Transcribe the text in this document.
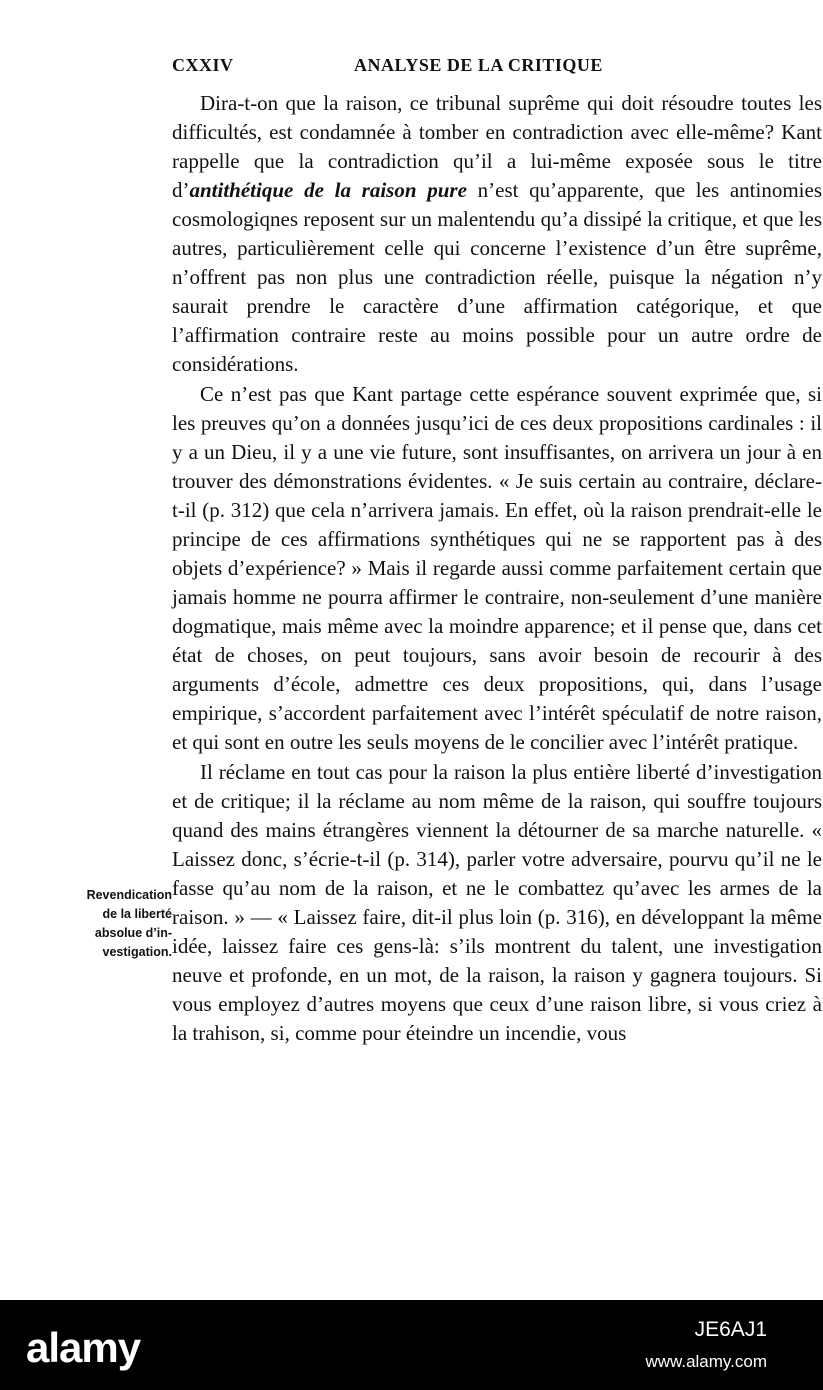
CXXIV	ANALYSE DE LA CRITIQUE

Dira-t-on que la raison, ce tribunal suprême qui doit résoudre toutes les difficultés, est condamnée à tomber en contradiction avec elle-même? Kant rappelle que la contradiction qu’il a lui-même exposée sous le titre d’antithétique de la raison pure n’est qu’apparente, que les antinomies cosmologiqnes reposent sur un malentendu qu’a dissipé la critique, et que les autres, particulièrement celle qui concerne l’existence d’un être suprême, n’offrent pas non plus une contradiction réelle, puisque la négation n’y saurait prendre le caractère d’une affirmation catégorique, et que l’affirmation contraire reste au moins possible pour un autre ordre de considérations.

Ce n’est pas que Kant partage cette espérance souvent exprimée que, si les preuves qu’on a données jusqu’ici de ces deux propositions cardinales : il y a un Dieu, il y a une vie future, sont insuffisantes, on arrivera un jour à en trouver des démonstrations évidentes. « Je suis certain au contraire, déclare-t-il (p. 312) que cela n’arrivera jamais. En effet, où la raison prendrait-elle le principe de ces affirmations synthétiques qui ne se rapportent pas à des objets d’expérience? » Mais il regarde aussi comme parfaitement certain que jamais homme ne pourra affirmer le contraire, non-seulement d’une manière dogmatique, mais même avec la moindre apparence; et il pense que, dans cet état de choses, on peut toujours, sans avoir besoin de recourir à des arguments d’école, admettre ces deux propositions, qui, dans l’usage empirique, s’accordent parfaitement avec l’intérêt spéculatif de notre raison, et qui sont en outre les seuls moyens de le concilier avec l’intérêt pratique.

Il réclame en tout cas pour la raison la plus entière liberté d’investigation et de critique; il la réclame au nom même de la raison, qui souffre toujours quand des mains étrangères viennent la détourner de sa marche naturelle. « Laissez donc, s’écrie-t-il (p. 314), parler votre adversaire, pourvu qu’il ne le fasse qu’au nom de la raison, et ne le combattez qu’avec les armes de la raison. » — « Laissez faire, dit-il plus loin (p. 316), en développant la même idée, laissez faire ces gens-là: s’ils montrent du talent, une investigation neuve et profonde, en un mot, de la raison, la raison y gagnera toujours. Si vous employez d’autres moyens que ceux d’une raison libre, si vous criez à la trahison, si, comme pour éteindre un incendie, vous

Revendication
de la liberté
absolue d’in-
vestigation.
alamy	JE6AJ1
www.alamy.com
